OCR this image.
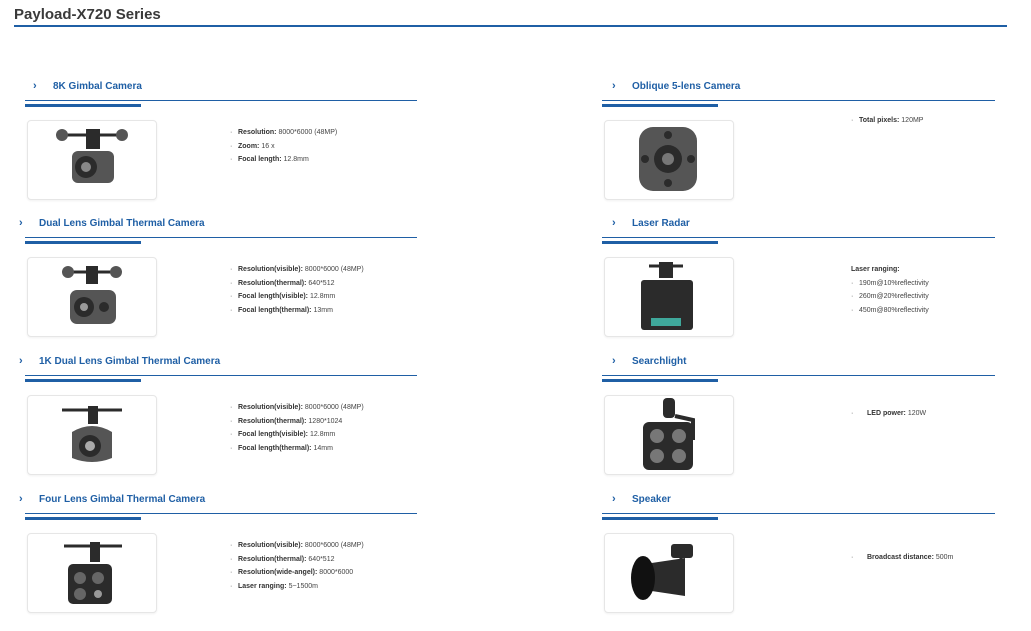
Payload-X720 Series
› 8K Gimbal Camera
· Resolution: 8000*6000 (48MP)
· Zoom: 16 x
· Focal length: 12.8mm
› Dual Lens Gimbal Thermal Camera
· Resolution(visible): 8000*6000 (48MP)
· Resolution(thermal): 640*512
· Focal length(visible): 12.8mm
· Focal length(thermal): 13mm
› 1K Dual Lens Gimbal Thermal Camera
· Resolution(visible): 8000*6000 (48MP)
· Resolution(thermal): 1280*1024
· Focal length(visible): 12.8mm
· Focal length(thermal): 14mm
› Four Lens Gimbal Thermal Camera
· Resolution(visible): 8000*6000 (48MP)
· Resolution(thermal): 640*512
· Resolution(wide-angel): 8000*6000
· Laser ranging: 5~1500m
› Oblique 5-lens Camera
· Total pixels: 120MP
› Laser Radar
Laser ranging:
· 190m@10%reflectivity
· 260m@20%reflectivity
· 450m@80%reflectivity
› Searchlight
· LED power: 120W
› Speaker
· Broadcast distance: 500m
